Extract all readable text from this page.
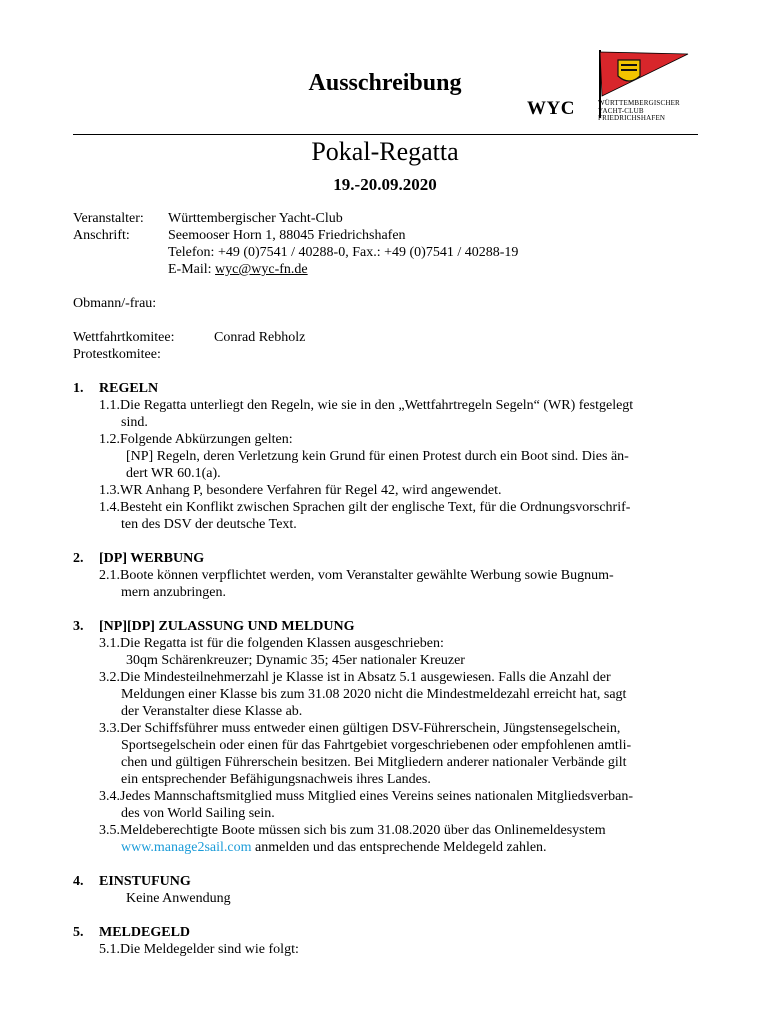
Ausschreibung
WYC	WÜRTTEMBERGISCHER
YACHT-CLUB
FRIEDRICHSHAFEN
Pokal-Regatta
19.-20.09.2020
Veranstalter: Württembergischer Yacht-Club
Anschrift:	Seemooser Horn 1, 88045 Friedrichshafen
Telefon: +49 (0)7541 / 40288-0, Fax.: +49 (0)7541 / 40288-19
E-Mail: wyc@wyc-fn.de
Obmann/-frau:
Wettfahrtkomitee:	Conrad Rebholz
Protestkomitee:
1. REGELN
1.1.Die Regatta unterliegt den Regeln, wie sie in den „Wettfahrtregeln Segeln“ (WR) festgelegt
sind.
1.2.Folgende Abkürzungen gelten:
[NP] Regeln, deren Verletzung kein Grund für einen Protest durch ein Boot sind. Dies än-
dert WR 60.1(a).
1.3.WR Anhang P, besondere Verfahren für Regel 42, wird angewendet.
1.4.Besteht ein Konflikt zwischen Sprachen gilt der englische Text, für die Ordnungsvorschrif-
ten des DSV der deutsche Text.
2. [DP] WERBUNG
2.1.Boote können verpflichtet werden, vom Veranstalter gewählte Werbung sowie Bugnum-
mern anzubringen.
3. [NP][DP] ZULASSUNG UND MELDUNG
3.1.Die Regatta ist für die folgenden Klassen ausgeschrieben:
30qm Schärenkreuzer; Dynamic 35; 45er nationaler Kreuzer
3.2.Die Mindesteilnehmerzahl je Klasse ist in Absatz 5.1 ausgewiesen. Falls die Anzahl der
Meldungen einer Klasse bis zum 31.08 2020 nicht die Mindestmeldezahl erreicht hat, sagt
der Veranstalter diese Klasse ab.
3.3.Der Schiffsführer muss entweder einen gültigen DSV-Führerschein, Jüngstensegelschein,
Sportsegelschein oder einen für das Fahrtgebiet vorgeschriebenen oder empfohlenen amtli-
chen und gültigen Führerschein besitzen. Bei Mitgliedern anderer nationaler Verbände gilt
ein entsprechender Befähigungsnachweis ihres Landes.
3.4.Jedes Mannschaftsmitglied muss Mitglied eines Vereins seines nationalen Mitgliedsverban-
des von World Sailing sein.
3.5.Meldeberechtigte Boote müssen sich bis zum 31.08.2020 über das Onlinemeldesystem
www.manage2sail.com anmelden und das entsprechende Meldegeld zahlen.
4. EINSTUFUNG
Keine Anwendung
5. MELDEGELD
5.1.Die Meldegelder sind wie folgt:
